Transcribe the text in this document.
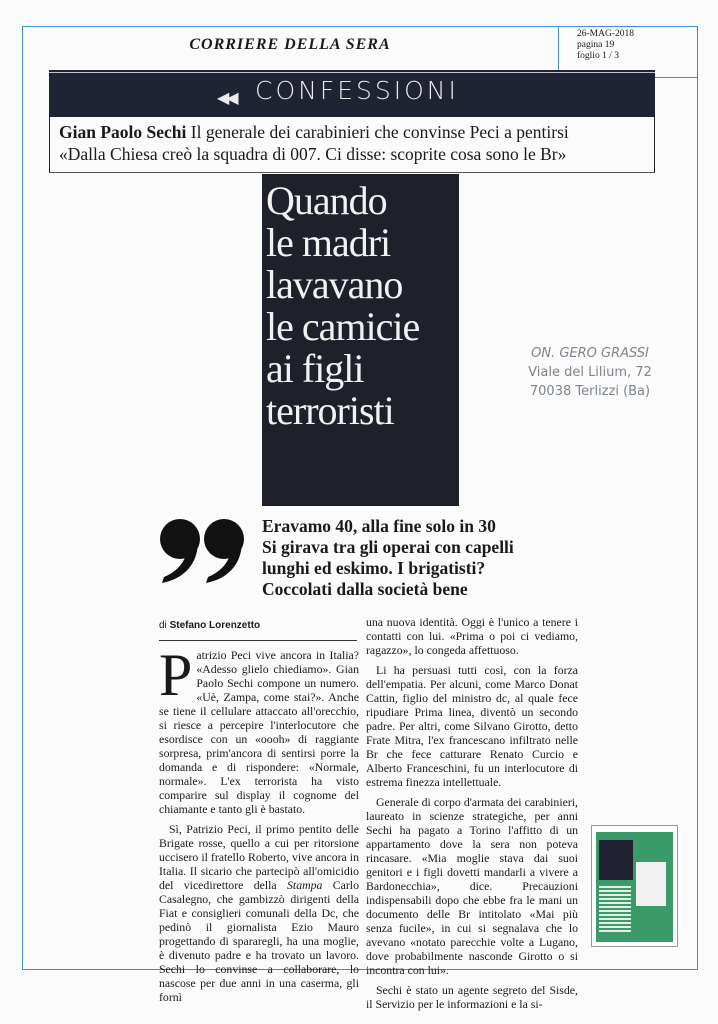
CORRIERE DELLA SERA
26-MAG-2018
pagina 19
foglio 1 / 3
◀◀ CONFESSIONI
Gian Paolo Sechi Il generale dei carabinieri che convinse Peci a pentirsi
«Dalla Chiesa creò la squadra di 007. Ci disse: scoprite cosa sono le Br»
Quando
le madri
lavavano
le camicie
ai figli
terroristi
ON. GERO GRASSI
Viale del Lilium, 72
70038 Terlizzi (Ba)
Eravamo 40, alla fine solo in 30
Si girava tra gli operai con capelli
lunghi ed eskimo. I brigatisti?
Coccolati dalla società bene
di Stefano Lorenzetto

Patrizio Peci vive ancora in Italia? «Adesso glielo chiediamo». Gian Paolo Sechi compone un numero. «Uè, Zampa, come stai?». Anche se tiene il cellulare attaccato all'orecchio, si riesce a percepire l'interlocutore che esordisce con un «oooh» di raggiante sorpresa, prim'ancora di sentirsi porre la domanda e di rispondere: «Normale, normale». L'ex terrorista ha visto comparire sul display il cognome del chiamante e tanto gli è bastato.

Sì, Patrizio Peci, il primo pentito delle Brigate rosse, quello a cui per ritorsione uccisero il fratello Roberto, vive ancora in Italia. Il sicario che partecipò all'omicidio del vicedirettore della Stampa Carlo Casalegno, che gambizzò dirigenti della Fiat e consiglieri comunali della Dc, che pedinò il giornalista Ezio Mauro progettando di spararegli, ha una moglie, è divenuto padre e ha trovato un lavoro. Sechi lo convinse a collaborare, lo nascose per due anni in una caserma, gli fornì

una nuova identità. Oggi è l'unico a tenere i contatti con lui. «Prima o poi ci vediamo, ragazzo», lo congeda affettuoso.

Li ha persuasi tutti così, con la forza dell'empatia. Per alcuni, come Marco Donat Cattin, figlio del ministro dc, al quale fece ripudiare Prima linea, diventò un secondo padre. Per altri, come Silvano Girotto, detto Frate Mitra, l'ex francescano infiltrato nelle Br che fece catturare Renato Curcio e Alberto Franceschini, fu un interlocutore di estrema finezza intellettuale.

Generale di corpo d'armata dei carabinieri, laureato in scienze strategiche, per anni Sechi ha pagato a Torino l'affitto di un appartamento dove la sera non poteva rincasare. «Mia moglie stava dai suoi genitori e i figli dovetti mandarli a vivere a Bardonecchia», dice. Precauzioni indispensabili dopo che ebbe fra le mani un documento delle Br intitolato «Mai più senza fucile», in cui si segnalava che lo avevano «notato parecchie volte a Lugano, dove probabilmente nasconde Girotto o si incontra con lui».

Sechi è stato un agente segreto del Sisde, il Servizio per le informazioni e la si-
